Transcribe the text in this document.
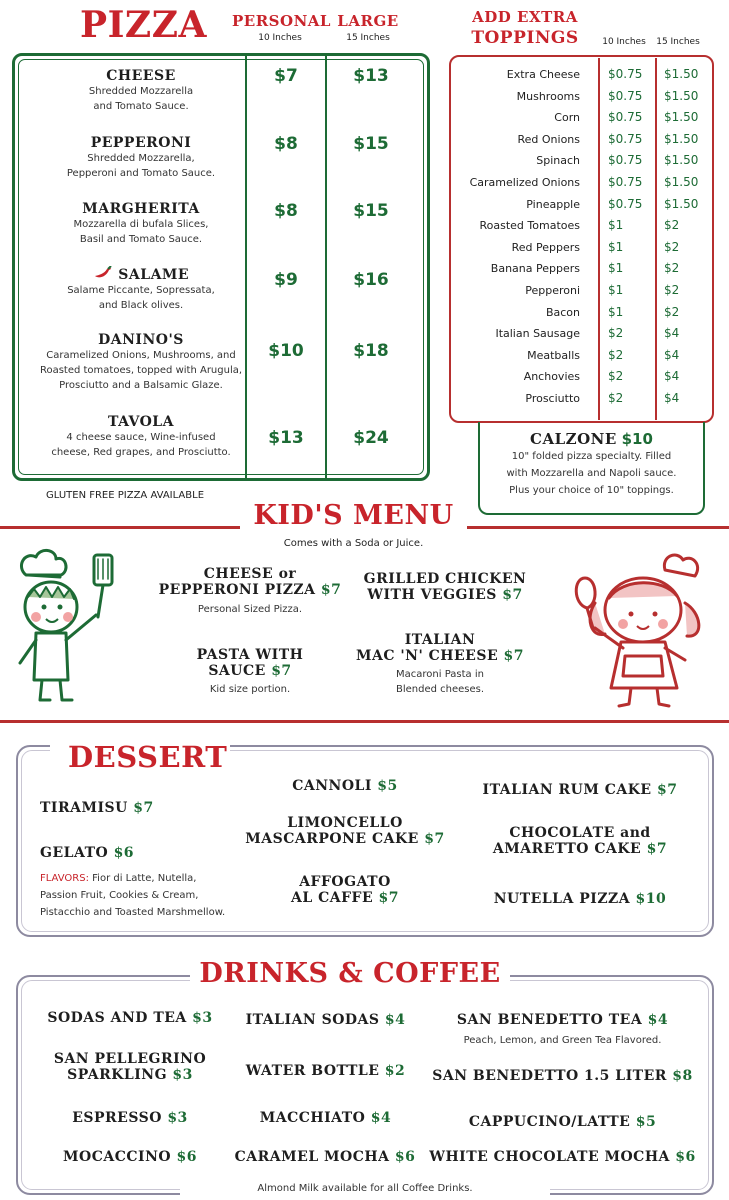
PIZZA PERSONAL
10 Inches
LARGE
15 Inches
CHEESE
Shredded Mozzarella
and Tomato Sauce.
$7	$13
PEPPERONI
Shredded Mozzarella,
Pepperoni and Tomato Sauce.
$8	$15
MARGHERITA
Mozzarella di bufala Slices,
Basil and Tomato Sauce.
$8	$15
SALAME
Salame Piccante, Sopressata,
and Black olives.
$9	$16
DANINO'S
Caramelized Onions, Mushrooms, and
Roasted tomatoes, topped with Arugula,
Prosciutto and a Balsamic Glaze.
$10	$18
TAVOLA
4 cheese sauce, Wine-infused
cheese, Red grapes, and Prosciutto.
$13	$24
GLUTEN FREE PIZZA AVAILABLE
ADD EXTRA
TOPPINGS	10 Inches	15 Inches
Extra Cheese $0.75 $1.50
Mushrooms $0.75 $1.50
Corn $0.75 $1.50
Red Onions $0.75 $1.50
Spinach $0.75 $1.50
Caramelized Onions $0.75 $1.50
Pineapple $0.75 $1.50
Roasted Tomatoes $1	$2
Red Peppers $1	$2
Banana Peppers $1	$2
Pepperoni $1	$2
Bacon $1	$2
Italian Sausage $2	$4
Meatballs $2	$4
Anchovies $2	$4
Prosciutto $2	$4
CALZONE $10
10" folded pizza specialty. Filled
with Mozzarella and Napoli sauce.
Plus your choice of 10" toppings.
KID'S MENU
Comes with a Soda or Juice.
CHEESE or
PEPPERONI PIZZA $7
Personal Sized Pizza.
GRILLED CHICKEN
WITH VEGGIES $7
PASTA WITH
SAUCE $7
Kid size portion.
ITALIAN
MAC 'N' CHEESE $7
Macaroni Pasta in
Blended cheeses.
DESSERT
TIRAMISU $7
GELATO $6
FLAVORS: Fior di Latte, Nutella,
Passion Fruit, Cookies & Cream,
Pistacchio and Toasted Marshmellow.
CANNOLI $5
LIMONCELLO
MASCARPONE CAKE $7
AFFOGATO
AL CAFFE $7
ITALIAN RUM CAKE $7
CHOCOLATE and
AMARETTO CAKE $7
NUTELLA PIZZA $10
DRINKS & COFFEE
SODAS AND TEA $3
SAN PELLEGRINO
SPARKLING $3
ESPRESSO $3
MOCACCINO $6
ITALIAN SODAS $4
WATER BOTTLE $2
MACCHIATO $4
CARAMEL MOCHA $6
SAN BENEDETTO TEA $4
Peach, Lemon, and Green Tea Flavored.
SAN BENEDETTO 1.5 LITER $8
CAPPUCINO/LATTE $5
WHITE CHOCOLATE MOCHA $6
Almond Milk available for all Coffee Drinks.
